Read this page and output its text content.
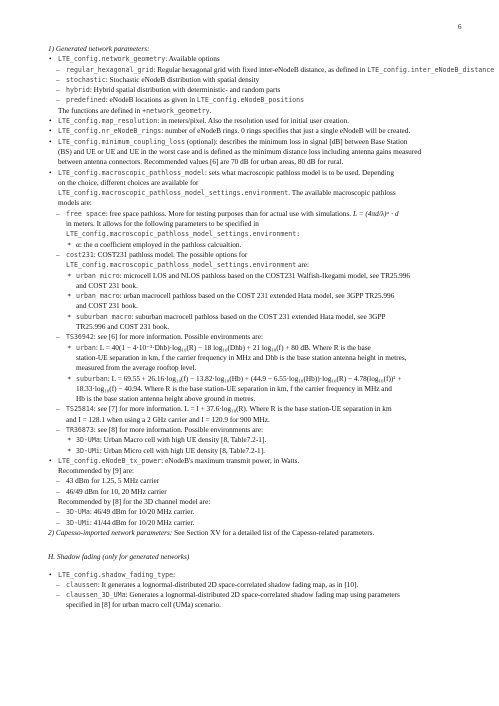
6

1) Generated network parameters:

• LTE_config.network_geometry: Available options

– regular_hexagonal_grid: Regular hexagonal grid with fixed inter-eNodeB distance, as defined in LTE_config.inter_eNodeB_distance

– stochastic: Stochastic eNodeB distribution with spatial density

– hybrid: Hybrid spatial distribution with deterministic- and random parts

– predefined: eNodeB locations as given in LTE_config.eNodeB_positions

The functions are defined in +network_geometry.

• LTE_config.map_resolution: in meters/pixel. Also the resolution used for initial user creation.

• LTE_config.nr_eNodeB_rings: number of eNodeB rings. 0 rings specifies that just a single eNodeB will be created.

• LTE_config.minimum_coupling_loss (optional): describes the minimum loss in signal [dB] between Base Station

(BS) and UE or UE and UE in the worst case and is defined as the minimum distance loss including antenna gains measured

between antenna connectors. Recommended values [6] are 70 dB for urban areas, 80 dB for rural.

• LTE_config.macroscopic_pathloss_model: sets what macroscopic pathloss model is to be used. Depending

on the choice, different choices are available for

LTE_config.macroscopic_pathloss_model_settings.environment. The available macroscopic pathloss

models are:

– free space: free space pathloss. More for testing purposes than for actual use with simulations. L = (4πd/λ)ᵅ · d

in meters. It allows for the following parameters to be specified in

LTE_config.macroscopic_pathloss_model_settings.environment:

∗ α: the α coefficient employed in the pathloss calcualtion.

– cost231: COST231 pathloss model. The possible options for

LTE_config.macroscopic_pathloss_model_settings.environment are:

∗ urban micro: microcell LOS and NLOS pathloss based on the COST231 Walfish-Ikegami model, see TR25.996

and COST 231 book.

∗ urban macro: urban macrocell pathloss based on the COST 231 extended Hata model, see 3GPP TR25.996

and COST 231 book.

∗ suburban macro: suburban macrocell pathloss based on the COST 231 extended Hata model, see 3GPP

TR25.996 and COST 231 book.

– TS36942: see [6] for more information. Possible environments are:

∗ urban: L = 40(1 − 4·10⁻³·Dhb)·log₁₀(R) − 18 log₁₀(Dhb) + 21 log₁₀(f) + 80 dB. Where R is the base

station-UE separation in km, f the carrier frequency in MHz and Dhb is the base station antenna height in metres,

measured from the average rooftop level.

∗ suburban: L = 69.55 + 26.16·log₁₀(f) − 13.82·log₁₀(Hb) + (44.9 − 6.55·log₁₀(Hb))·log₁₀(R) − 4.78(log₁₀(f))² +

18.33·log₁₀(f) − 40.94. Where R is the base station-UE separation in km, f the carrier frequency in MHz and

Hb is the base station antenna height above ground in metres.

– TS25814: see [7] for more information. L = I + 37.6·log₁₀(R). Where R is the base station-UE separation in km

and I = 128.1 when using a 2 GHz carrier and I = 120.9 for 900 MHz.

– TR36873: see [8] for more information. Possible environments are:

∗ 3D-UMa: Urban Macro cell with high UE density [8, Table7.2-1].

∗ 3D-UMi: Urban Micro cell with high UE density [8, Table7.2-1].

• LTE_config.eNodeB_tx_power: eNodeB's maximum transmit power, in Watts.

Recommended by [9] are:

– 43 dBm for 1.25, 5 MHz carrier

– 46/49 dBm for 10, 20 MHz carrier

Recommended by [8] for the 3D channel model are:

– 3D-UMa: 46/49 dBm for 10/20 MHz carrier.

– 3D-UMi: 41/44 dBm for 10/20 MHz carrier.

2) Capesso-imported network parameters: See Section XV for a detailed list of the Capesso-related parameters.

H. Shadow fading (only for generated networks)

• LTE_config.shadow_fading_type:

– claussen: It generates a lognormal-distributed 2D space-correlated shadow fading map, as in [10].

– claussen_3D_UMa: Generates a lognormal-distributed 2D space-correlated shadow fading map using parameters

specified in [8] for urban macro cell (UMa) scenario.
